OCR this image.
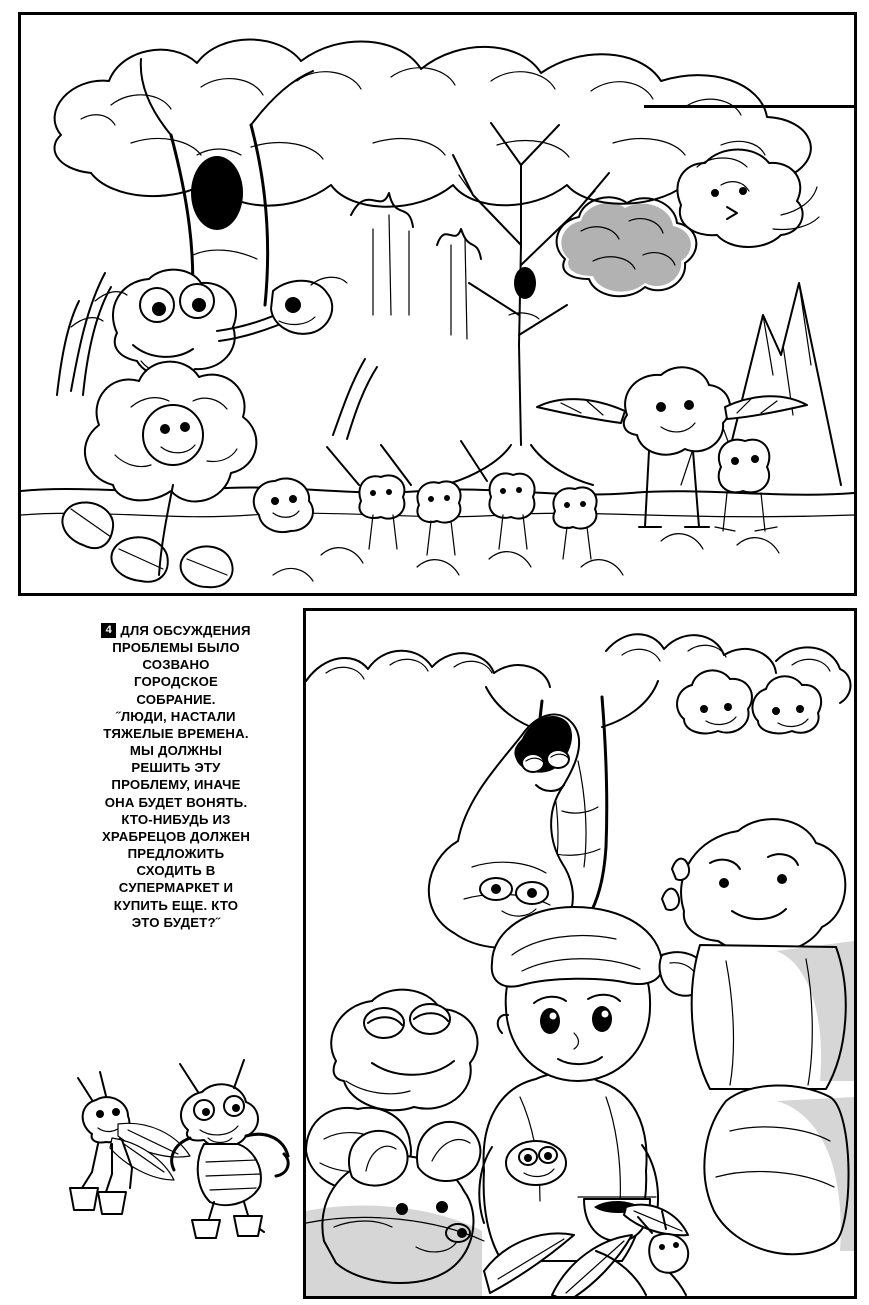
4 ДЛЯ ОБСУЖДЕНИЯ
ПРОБЛЕМЫ БЫЛО
СОЗВАНО
ГОРОДСКОЕ
СОБРАНИЕ.
˝ЛЮДИ, НАСТАЛИ
ТЯЖЕЛЫЕ ВРЕМЕНА.
МЫ ДОЛЖНЫ
РЕШИТЬ ЭТУ
ПРОБЛЕМУ, ИНАЧЕ
ОНА БУДЕТ ВОНЯТЬ.
КТО-НИБУДЬ ИЗ
ХРАБРЕЦОВ ДОЛЖЕН
ПРЕДЛОЖИТЬ
СХОДИТЬ В
СУПЕРМАРКЕТ И
КУПИТЬ ЕЩЕ. КТО
ЭТО БУДЕТ?˝
